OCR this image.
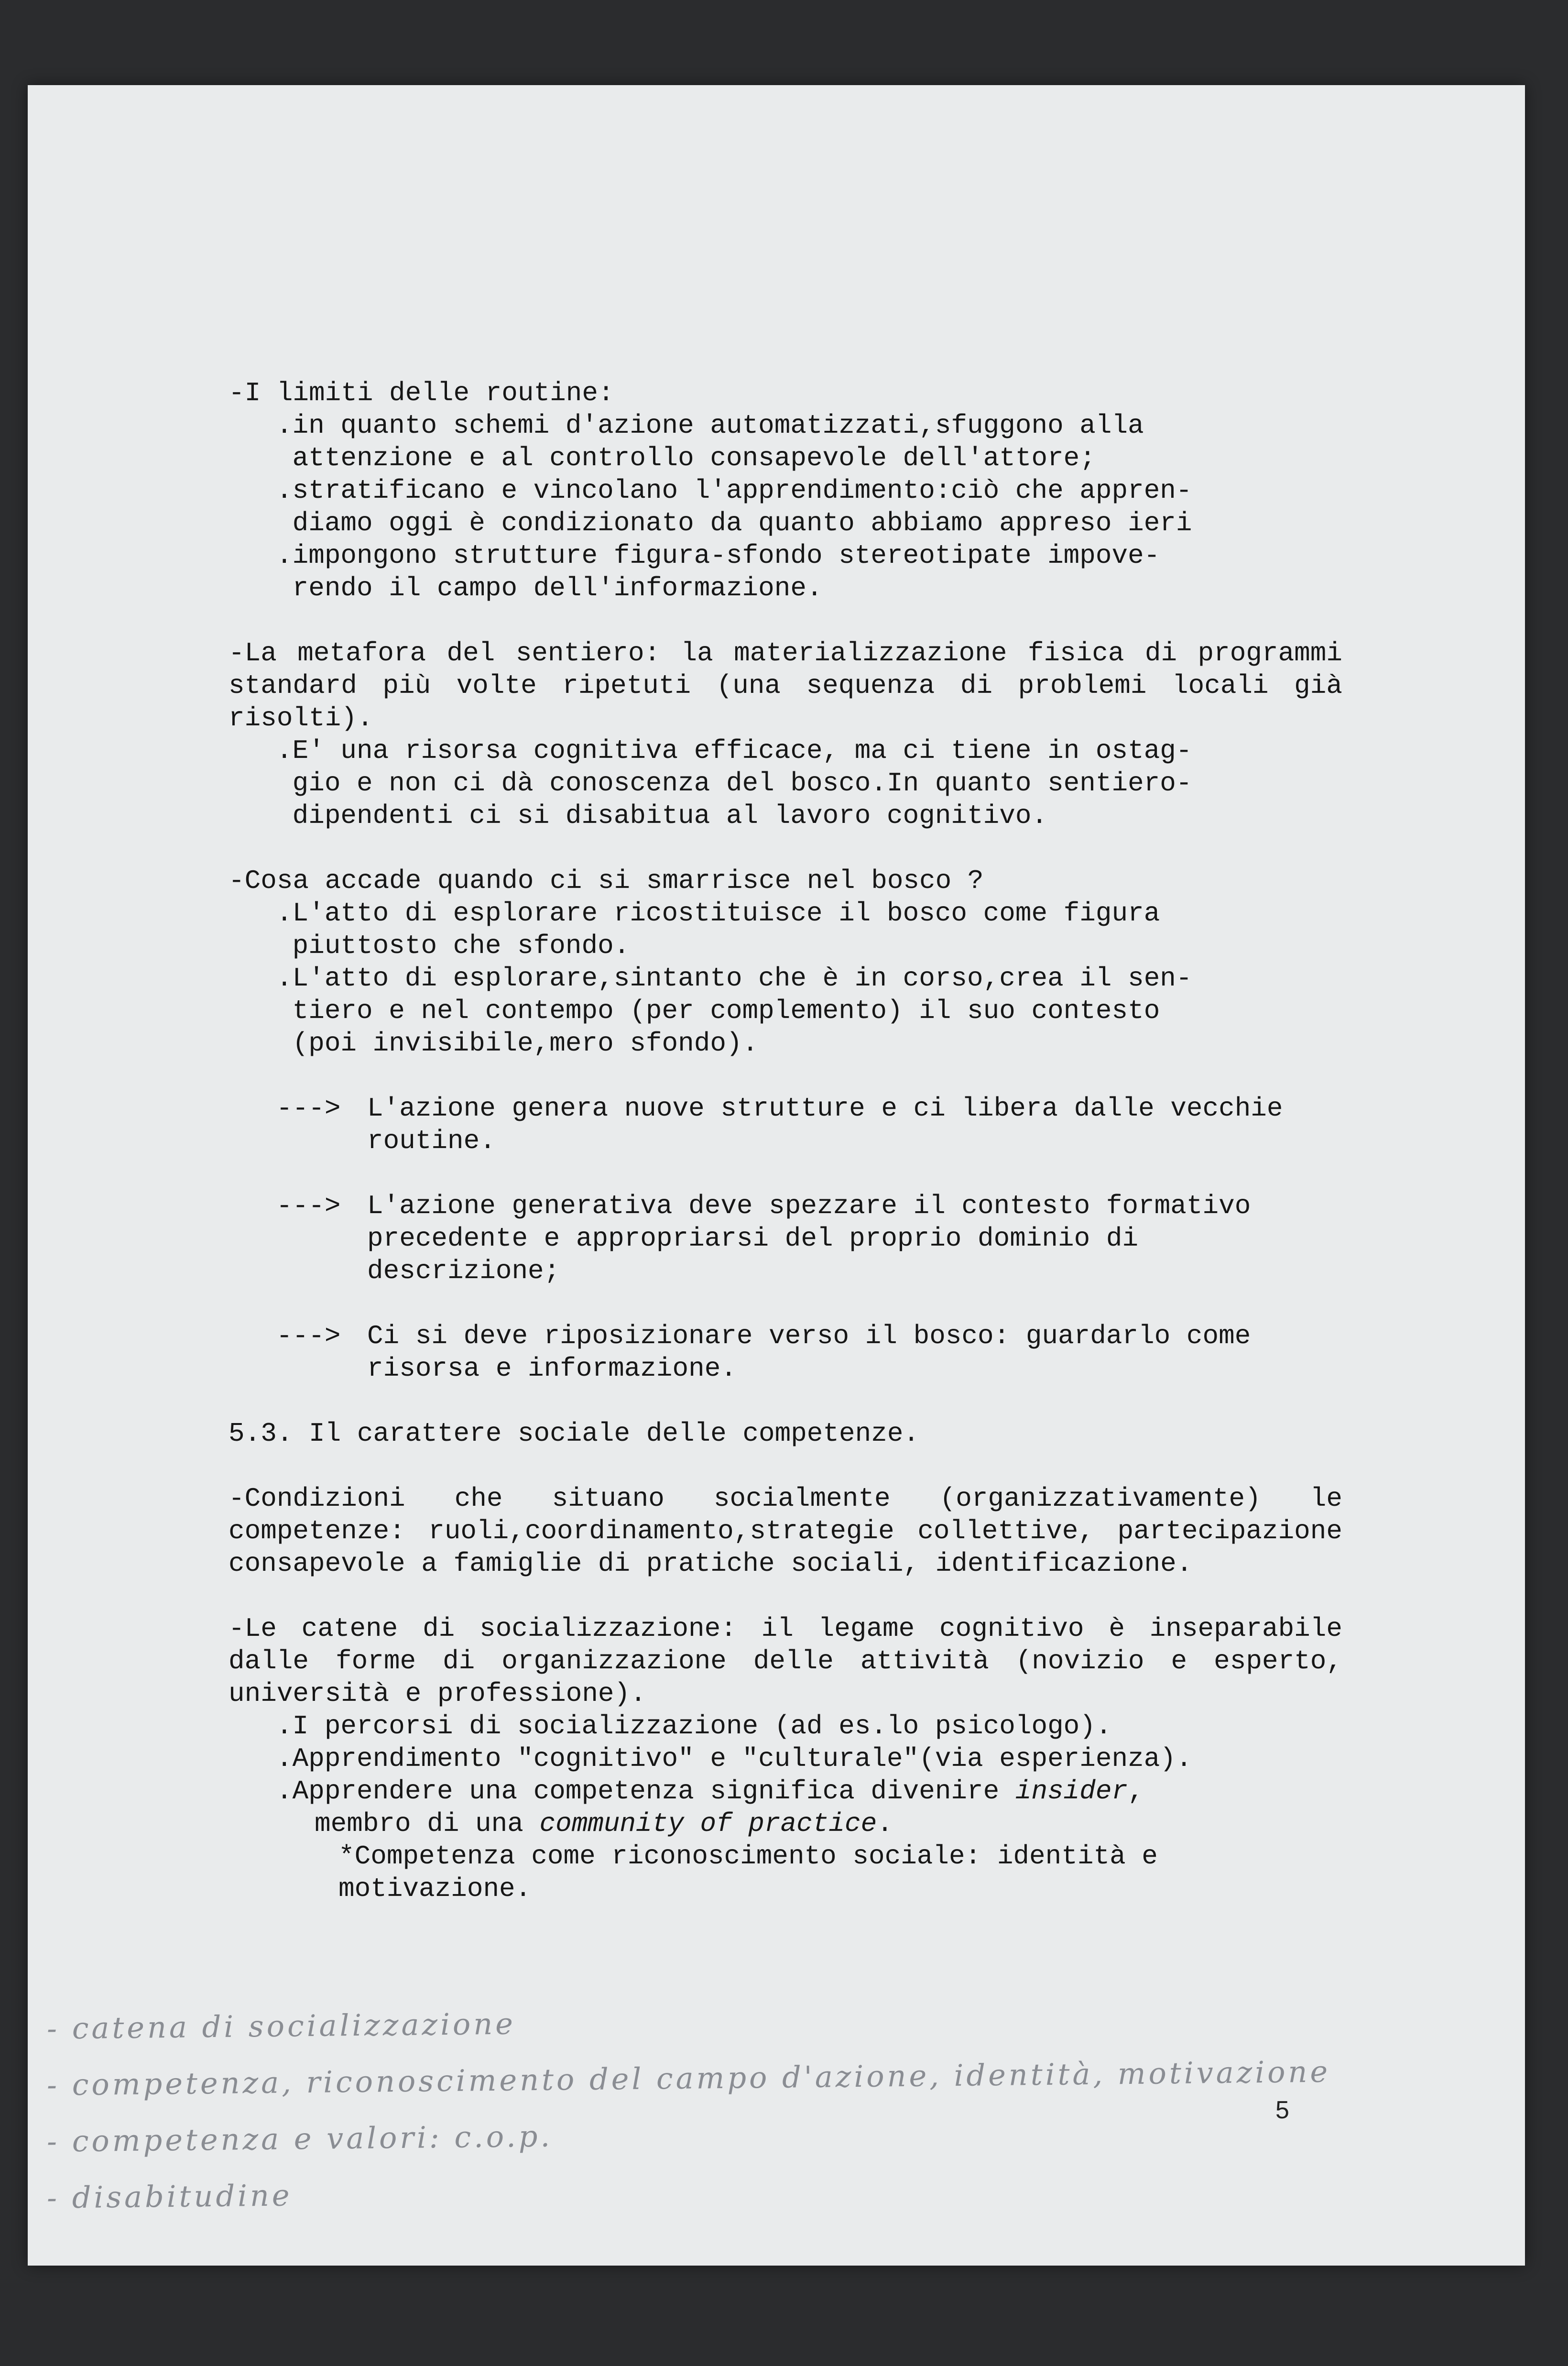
-I limiti delle routine:
.in quanto schemi d'azione automatizzati,sfuggono alla
attenzione e al controllo consapevole dell'attore;
.stratificano e vincolano l'apprendimento:ciò che appren-
diamo oggi è condizionato da quanto abbiamo appreso ieri
.impongono strutture figura-sfondo stereotipate impove-
rendo il campo dell'informazione.
-La metafora del sentiero: la materializzazione fisica di programmi standard più volte ripetuti (una sequenza di problemi locali già risolti).
.E' una risorsa cognitiva efficace, ma ci tiene in ostag-
gio e non ci dà conoscenza del bosco.In quanto sentiero-
dipendenti ci si disabitua al lavoro cognitivo.
-Cosa accade quando ci si smarrisce nel bosco ?
.L'atto di esplorare ricostituisce il bosco come figura
piuttosto che sfondo.
.L'atto di esplorare,sintanto che è in corso,crea il sen-
tiero e nel contempo (per complemento) il suo contesto
(poi invisibile,mero sfondo).
---> L'azione genera nuove strutture e ci libera dalle vecchie routine.
---> L'azione generativa deve spezzare il contesto formativo precedente e appropriarsi del proprio dominio di descrizione;
---> Ci si deve riposizionare verso il bosco: guardarlo come risorsa e informazione.
5.3. Il carattere sociale delle competenze.
-Condizioni che situano socialmente (organizzativamente) le competenze: ruoli,coordinamento,strategie collettive, partecipazione consapevole a famiglie di pratiche sociali, identificazione.
-Le catene di socializzazione: il legame cognitivo è inseparabile dalle forme di organizzazione delle attività (novizio e esperto, università e professione).
.I percorsi di socializzazione (ad es.lo psicologo).
.Apprendimento "cognitivo" e "culturale"(via esperienza).
.Apprendere una competenza significa divenire insider,
membro di una community of practice.
*Competenza come riconoscimento sociale: identità e motivazione.
- catena di socializzazione
- competenza, riconoscimento del campo d'azione, identità, motivazione
- competenza e valori: c.o.p.
- disabitudine
5
